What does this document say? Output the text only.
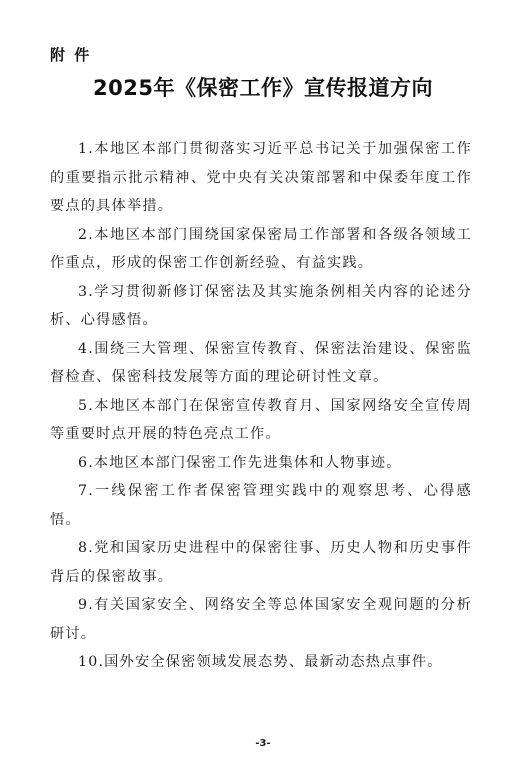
附 件
2025年《保密工作》宣传报道方向
1.本地区本部门贯彻落实习近平总书记关于加强保密工作的重要指示批示精神、党中央有关决策部署和中保委年度工作要点的具体举措。
2.本地区本部门围绕国家保密局工作部署和各级各领域工作重点，形成的保密工作创新经验、有益实践。
3.学习贯彻新修订保密法及其实施条例相关内容的论述分析、心得感悟。
4.围绕三大管理、保密宣传教育、保密法治建设、保密监督检查、保密科技发展等方面的理论研讨性文章。
5.本地区本部门在保密宣传教育月、国家网络安全宣传周等重要时点开展的特色亮点工作。
6.本地区本部门保密工作先进集体和人物事迹。
7.一线保密工作者保密管理实践中的观察思考、心得感悟。
8.党和国家历史进程中的保密往事、历史人物和历史事件背后的保密故事。
9.有关国家安全、网络安全等总体国家安全观问题的分析研讨。
10.国外安全保密领域发展态势、最新动态热点事件。
-3-
